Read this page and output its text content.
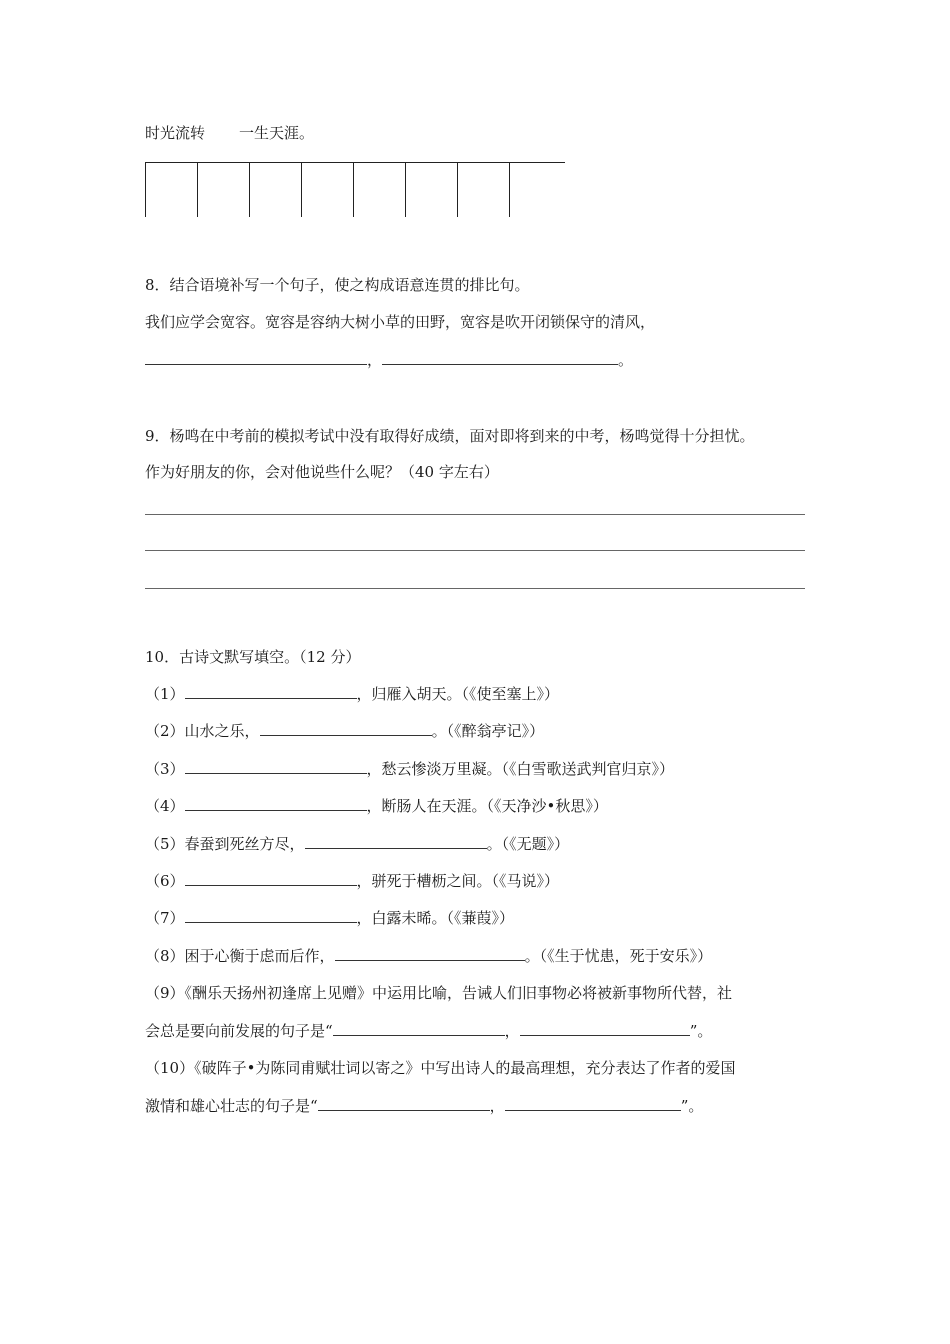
时光流转 一生天涯。
8．结合语境补写一个句子，使之构成语意连贯的排比句。
我们应学会宽容。宽容是容纳大树小草的田野，宽容是吹开闭锁保守的清风，
，	。
9．杨鸣在中考前的模拟考试中没有取得好成绩，面对即将到来的中考，杨鸣觉得十分担忧。
作为好朋友的你，会对他说些什么呢？（40 字左右）
10．古诗文默写填空。（12 分）
（1）	，归雁入胡天。（《使至塞上》）
（2）山水之乐，	。（《醉翁亭记》）
（3）	，愁云惨淡万里凝。（《白雪歌送武判官归京》）
（4）	，断肠人在天涯。（《天净沙•秋思》）
（5）春蚕到死丝方尽，	。（《无题》）
（6）	，骈死于槽枥之间。（《马说》）
（7）	，白露未晞。（《蒹葭》）
（8）困于心衡于虑而后作，	。（《生于忧患，死于安乐》）
（9）《酬乐天扬州初逢席上见赠》中运用比喻，告诫人们旧事物必将被新事物所代替，社
会总是要向前发展的句子是“	，	”。
（10）《破阵子•为陈同甫赋壮词以寄之》中写出诗人的最高理想，充分表达了作者的爱国
激情和雄心壮志的句子是“	，	”。
